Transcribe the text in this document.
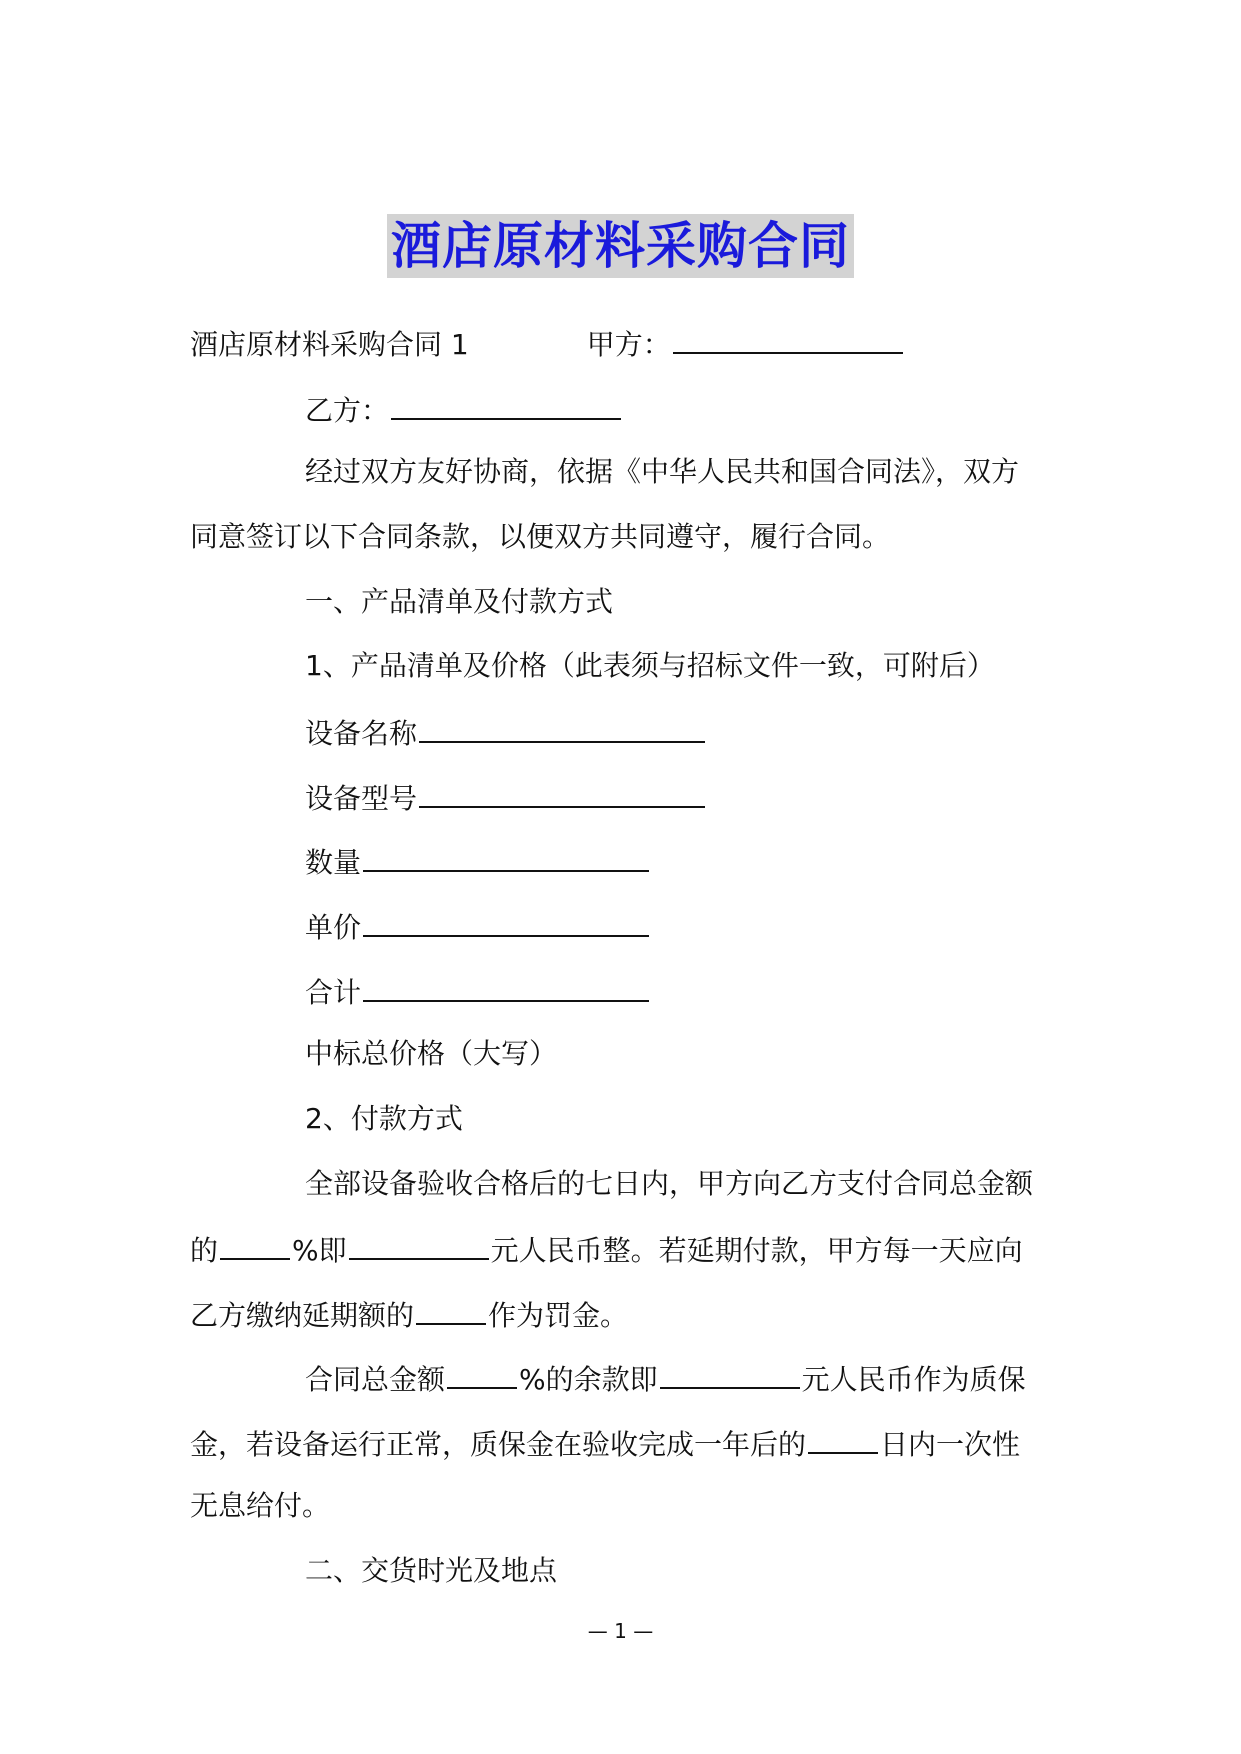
酒店原材料采购合同
酒店原材料采购合同 1	甲方：
乙方：
经过双方友好协商，依据《中华人民共和国合同法》，双方
同意签订以下合同条款，以便双方共同遵守，履行合同。
一、产品清单及付款方式
1、产品清单及价格（此表须与招标文件一致，可附后）
设备名称
设备型号
数量
单价
合计
中标总价格（大写）
2、付款方式
全部设备验收合格后的七日内，甲方向乙方支付合同总金额
的	%即	元人民币整。若延期付款，甲方每一天应向
乙方缴纳延期额的	作为罚金。
合同总金额	%的余款即	元人民币作为质保
金，若设备运行正常，质保金在验收完成一年后的	日内一次性
无息给付。
二、交货时光及地点
— 1 —
